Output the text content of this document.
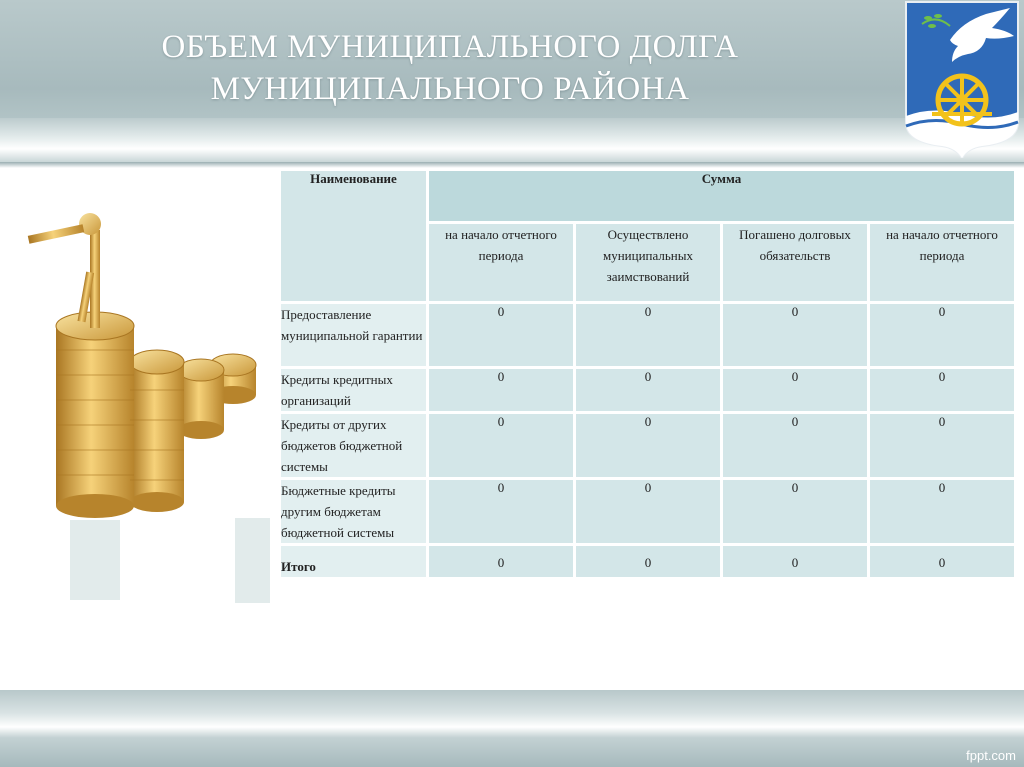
ОБЪЕМ МУНИЦИПАЛЬНОГО ДОЛГА
МУНИЦИПАЛЬНОГО РАЙОНА
Наименование	Сумма			
	на начало отчетного периода	Осуществлено муниципальных заимствований	Погашено долговых обязательств	на начало отчетного периода
Предоставление муниципальной гарантии	0	0	0	0
Кредиты кредитных организаций	0	0	0	0
Кредиты от других бюджетов бюджетной системы	0	0	0	0
Бюджетные кредиты другим бюджетам бюджетной системы	0	0	0	0
Итого	0	0	0	0
fppt.com
